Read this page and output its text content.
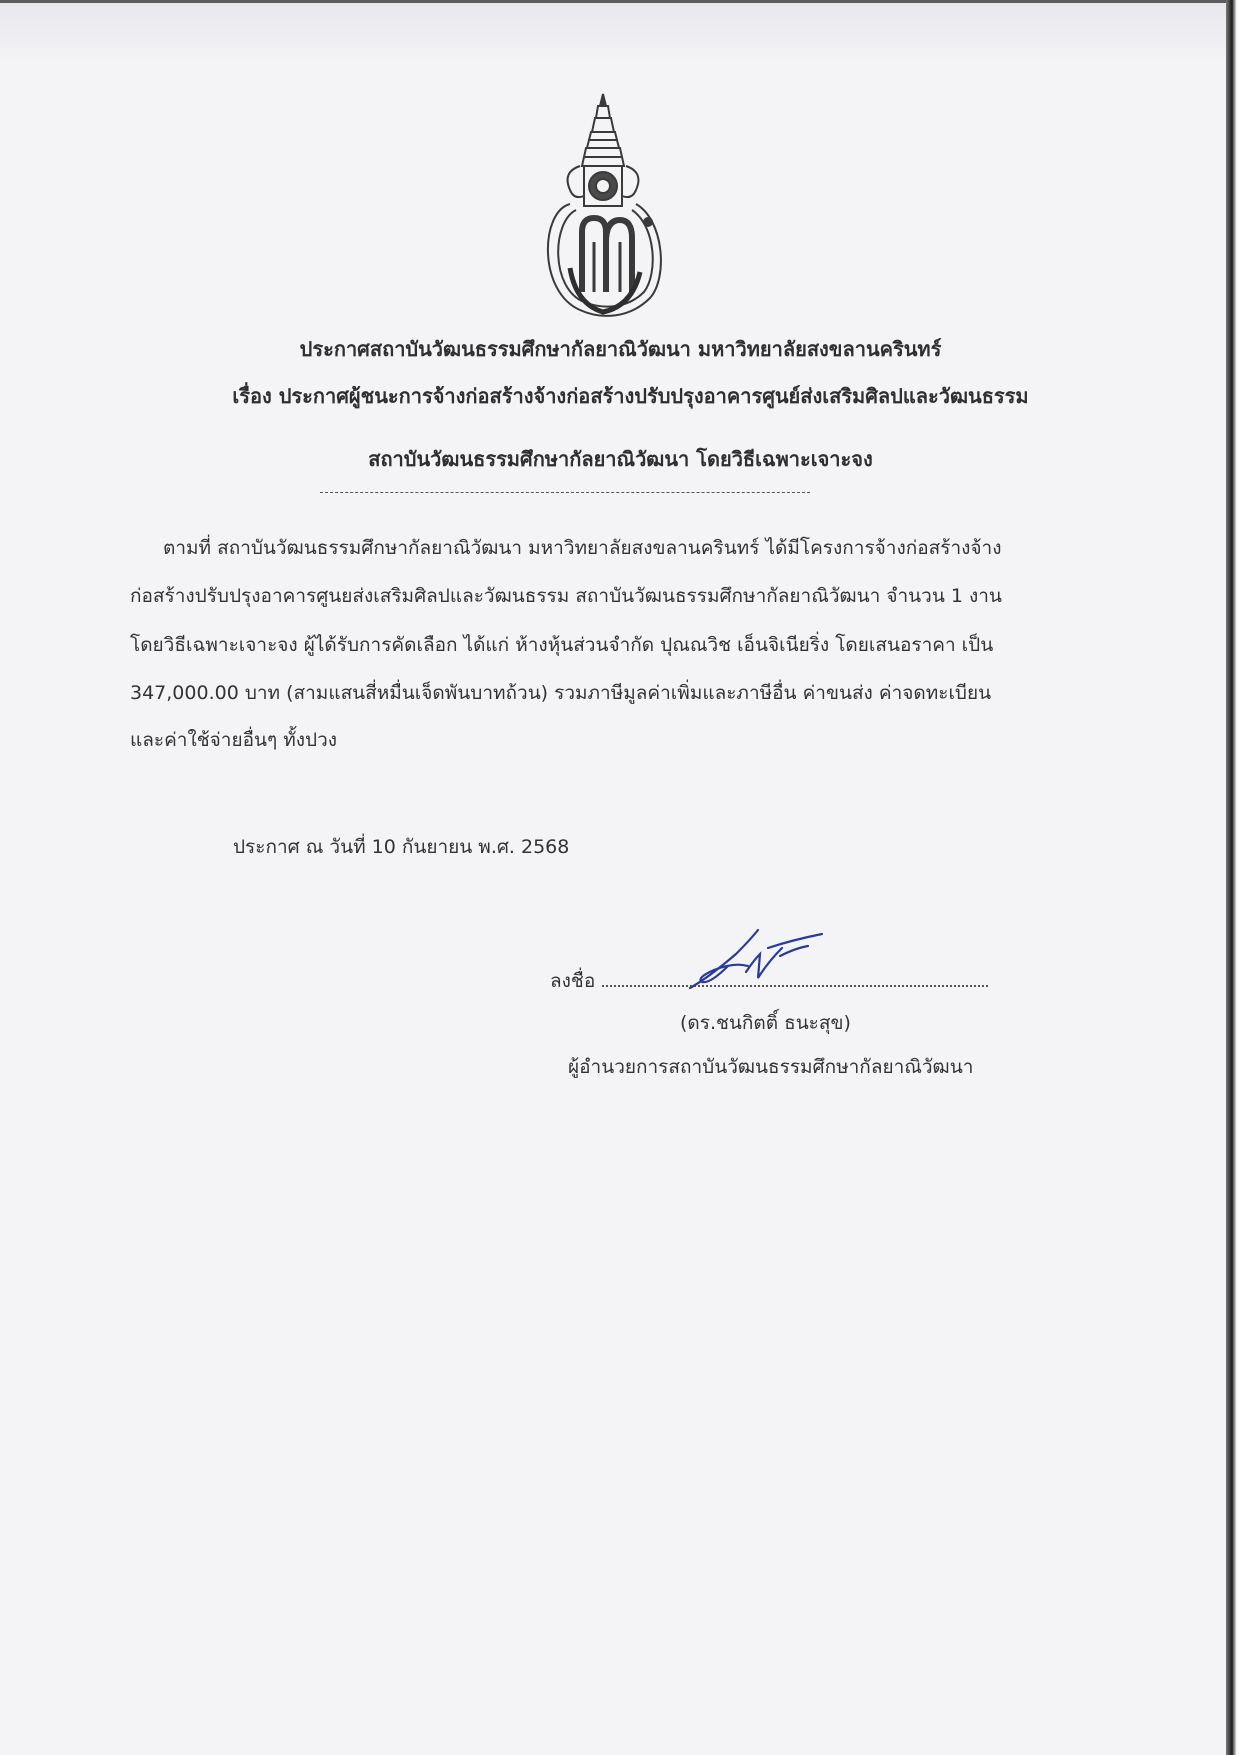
ประกาศสถาบันวัฒนธรรมศึกษากัลยาณิวัฒนา มหาวิทยาลัยสงขลานครินทร์
เรื่อง ประกาศผู้ชนะการจ้างก่อสร้างจ้างก่อสร้างปรับปรุงอาคารศูนย์ส่งเสริมศิลปและวัฒนธรรม
สถาบันวัฒนธรรมศึกษากัลยาณิวัฒนา โดยวิธีเฉพาะเจาะจง
ตามที่ สถาบันวัฒนธรรมศึกษากัลยาณิวัฒนา มหาวิทยาลัยสงขลานครินทร์ ได้มีโครงการจ้างก่อสร้างจ้าง
ก่อสร้างปรับปรุงอาคารศูนยส่งเสริมศิลปและวัฒนธรรม สถาบันวัฒนธรรมศึกษากัลยาณิวัฒนา จำนวน 1 งาน
โดยวิธีเฉพาะเจาะจง ผู้ได้รับการคัดเลือก ได้แก่ ห้างหุ้นส่วนจำกัด ปุณณวิช เอ็นจิเนียริ่ง โดยเสนอราคา เป็น
347,000.00 บาท (สามแสนสี่หมื่นเจ็ดพันบาทถ้วน) รวมภาษีมูลค่าเพิ่มและภาษีอื่น ค่าขนส่ง ค่าจดทะเบียน
และค่าใช้จ่ายอื่นๆ ทั้งปวง
ประกาศ ณ วันที่ 10 กันยายน พ.ศ. 2568
ลงชื่อ
(ดร.ชนกิตติ์ ธนะสุข)
ผู้อำนวยการสถาบันวัฒนธรรมศึกษากัลยาณิวัฒนา
